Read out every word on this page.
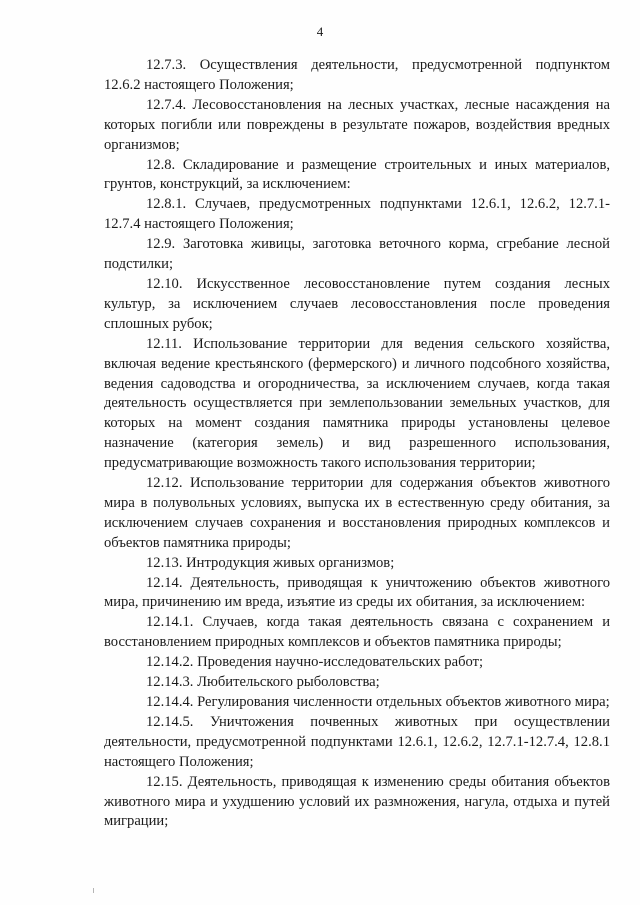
4

12.7.3. Осуществления деятельности, предусмотренной подпунктом 12.6.2 настоящего Положения;

12.7.4. Лесовосстановления на лесных участках, лесные насаждения на которых погибли или повреждены в результате пожаров, воздействия вредных организмов;

12.8. Складирование и размещение строительных и иных материалов, грунтов, конструкций, за исключением:

12.8.1. Случаев, предусмотренных подпунктами 12.6.1, 12.6.2, 12.7.1-12.7.4 настоящего Положения;

12.9. Заготовка живицы, заготовка веточного корма, сгребание лесной подстилки;

12.10. Искусственное лесовосстановление путем создания лесных культур, за исключением случаев лесовосстановления после проведения сплошных рубок;

12.11. Использование территории для ведения сельского хозяйства, включая ведение крестьянского (фермерского) и личного подсобного хозяйства, ведения садоводства и огородничества, за исключением случаев, когда такая деятельность осуществляется при землепользовании земельных участков, для которых на момент создания памятника природы установлены целевое назначение (категория земель) и вид разрешенного использования, предусматривающие возможность такого использования территории;

12.12. Использование территории для содержания объектов животного мира в полувольных условиях, выпуска их в естественную среду обитания, за исключением случаев сохранения и восстановления природных комплексов и объектов памятника природы;

12.13. Интродукция живых организмов;

12.14. Деятельность, приводящая к уничтожению объектов животного мира, причинению им вреда, изъятие из среды их обитания, за исключением:

12.14.1. Случаев, когда такая деятельность связана с сохранением и восстановлением природных комплексов и объектов памятника природы;

12.14.2. Проведения научно-исследовательских работ;

12.14.3. Любительского рыболовства;

12.14.4. Регулирования численности отдельных объектов животного мира;

12.14.5. Уничтожения почвенных животных при осуществлении деятельности, предусмотренной подпунктами 12.6.1, 12.6.2, 12.7.1-12.7.4, 12.8.1 настоящего Положения;

12.15. Деятельность, приводящая к изменению среды обитания объектов животного мира и ухудшению условий их размножения, нагула, отдыха и путей миграции;
